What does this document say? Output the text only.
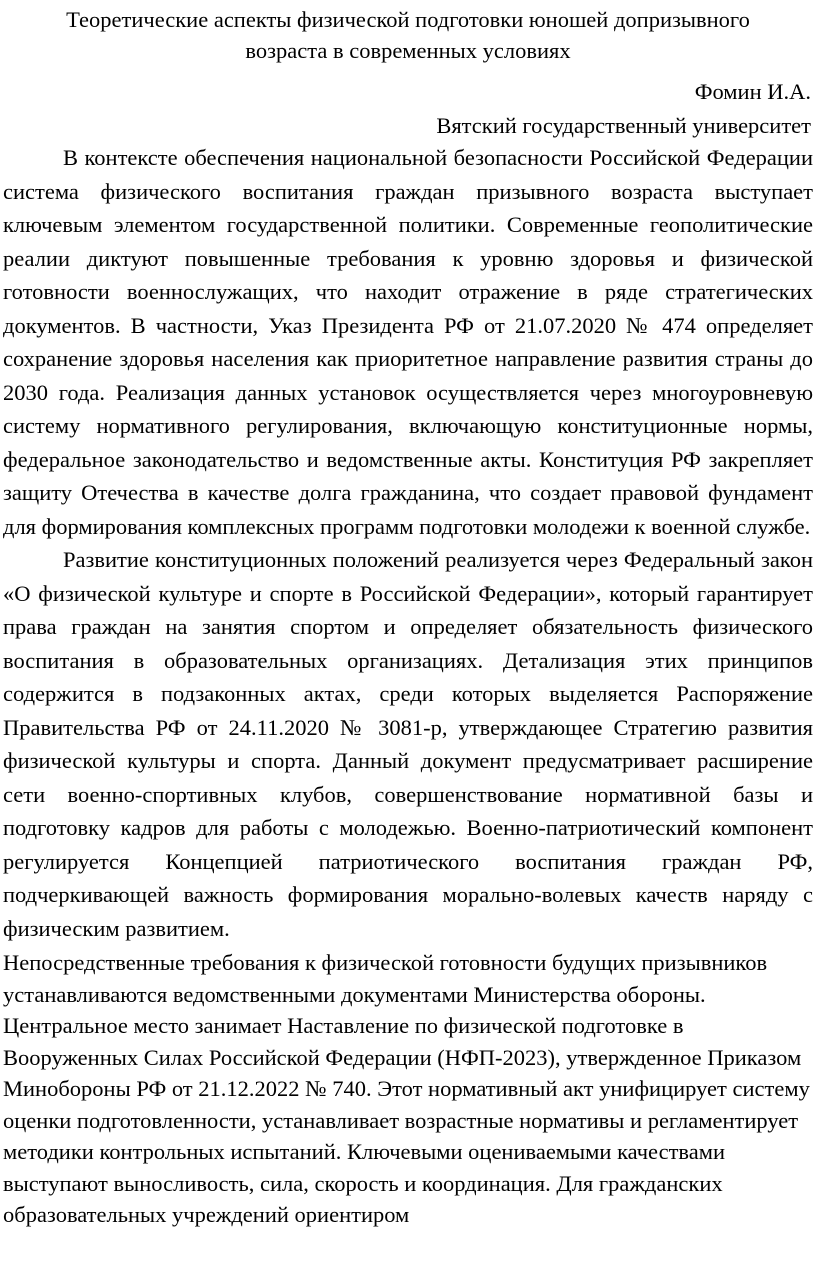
Теоретические аспекты физической подготовки юношей допризывного возраста в современных условиях

Фомин И.А.

Вятский государственный университет

В контексте обеспечения национальной безопасности Российской Федерации система физического воспитания граждан призывного возраста выступает ключевым элементом государственной политики. Современные геополитические реалии диктуют повышенные требования к уровню здоровья и физической готовности военнослужащих, что находит отражение в ряде стратегических документов. В частности, Указ Президента РФ от 21.07.2020 № 474 определяет сохранение здоровья населения как приоритетное направление развития страны до 2030 года. Реализация данных установок осуществляется через многоуровневую систему нормативного регулирования, включающую конституционные нормы, федеральное законодательство и ведомственные акты. Конституция РФ закрепляет защиту Отечества в качестве долга гражданина, что создает правовой фундамент для формирования комплексных программ подготовки молодежи к военной службе.

Развитие конституционных положений реализуется через Федеральный закон «О физической культуре и спорте в Российской Федерации», который гарантирует права граждан на занятия спортом и определяет обязательность физического воспитания в образовательных организациях. Детализация этих принципов содержится в подзаконных актах, среди которых выделяется Распоряжение Правительства РФ от 24.11.2020 № 3081-р, утверждающее Стратегию развития физической культуры и спорта. Данный документ предусматривает расширение сети военно-спортивных клубов, совершенствование нормативной базы и подготовку кадров для работы с молодежью. Военно-патриотический компонент регулируется Концепцией патриотического воспитания граждан РФ, подчеркивающей важность формирования морально-волевых качеств наряду с физическим развитием.

Непосредственные требования к физической готовности будущих призывников устанавливаются ведомственными документами Министерства обороны. Центральное место занимает Наставление по физической подготовке в Вооруженных Силах Российской Федерации (НФП-2023), утвержденное Приказом Минобороны РФ от 21.12.2022 № 740. Этот нормативный акт унифицирует систему оценки подготовленности, устанавливает возрастные нормативы и регламентирует методики контрольных испытаний. Ключевыми оцениваемыми качествами выступают выносливость, сила, скорость и координация. Для гражданских образовательных учреждений ориентиром
